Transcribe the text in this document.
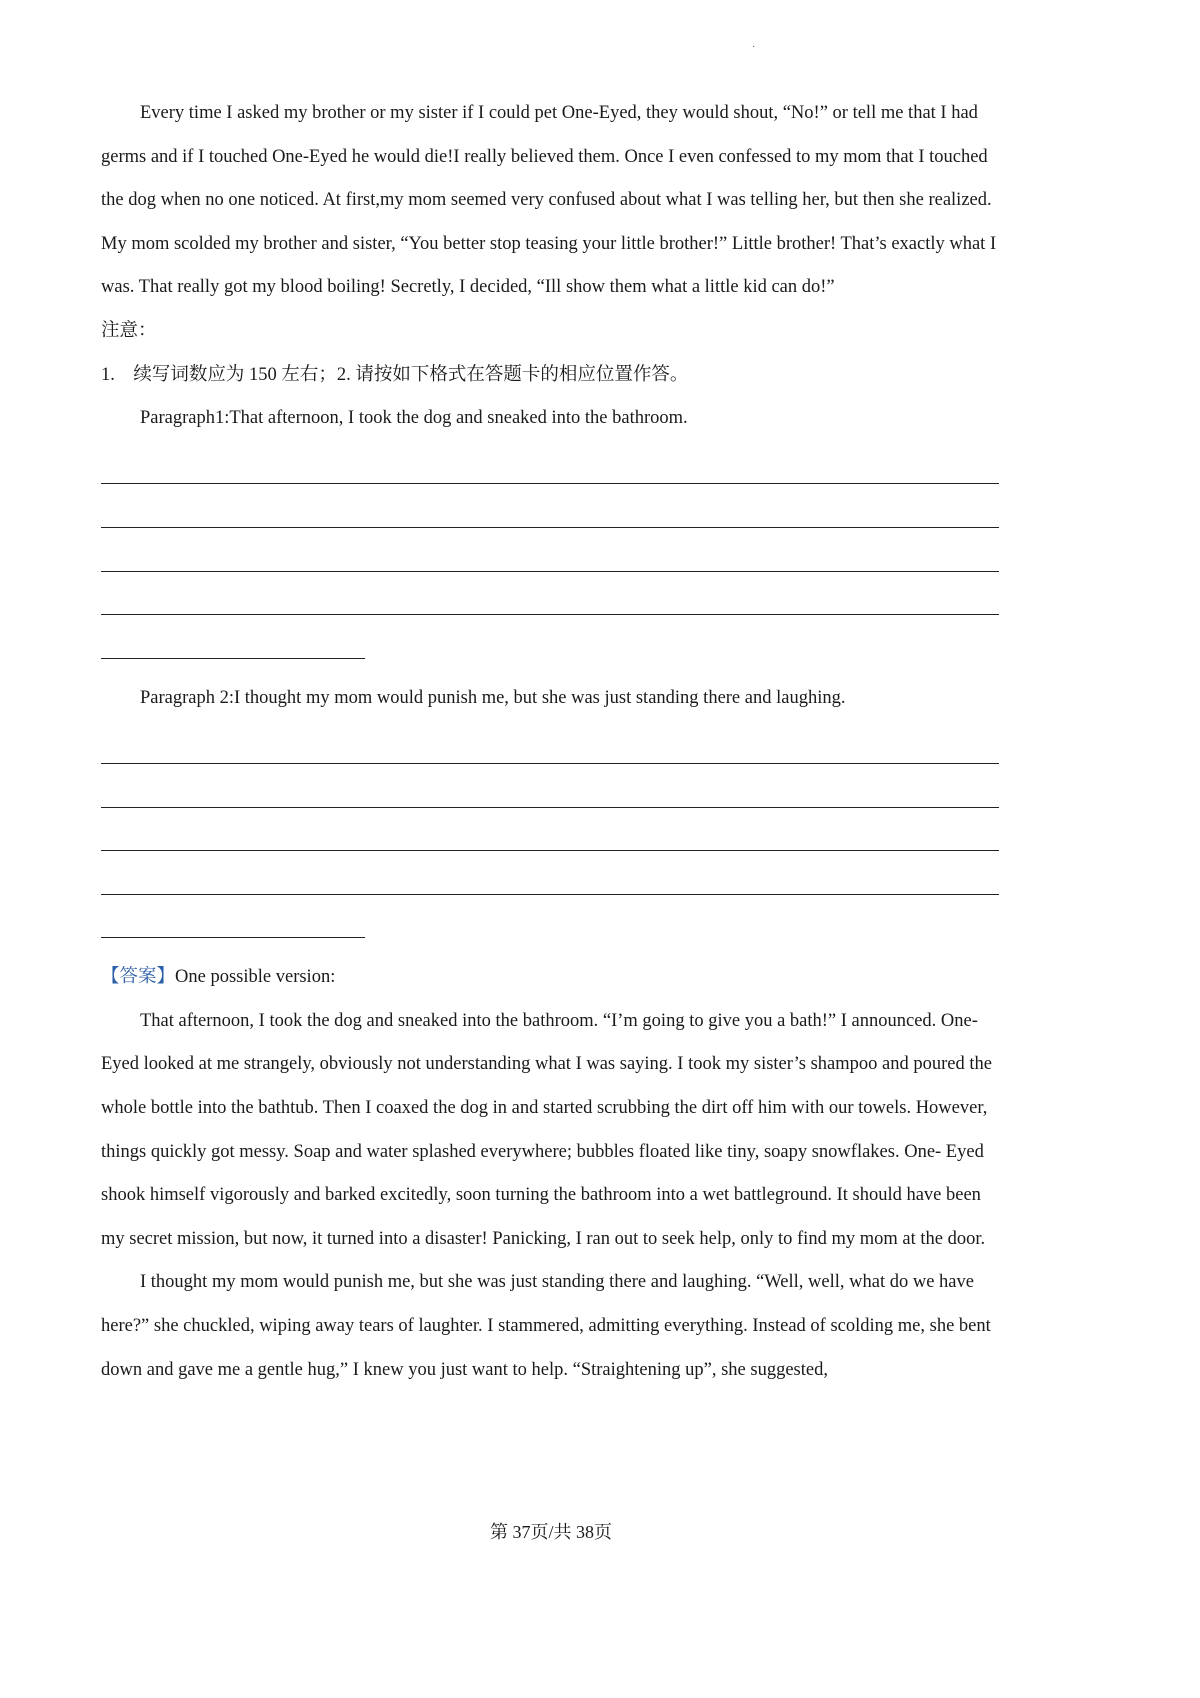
·

Every time I asked my brother or my sister if I could pet One-Eyed, they would shout, “No!” or tell me that I had germs and if I touched One-Eyed he would die!I really believed them. Once I even confessed to my mom that I touched the dog when no one noticed. At first,my mom seemed very confused about what I was telling her, but then she realized. My mom scolded my brother and sister, “You better stop teasing your little brother!” Little brother! That’s exactly what I was. That really got my blood boiling! Secretly, I decided, “Ill show them what a little kid can do!”

注意：

1.　续写词数应为 150 左右；2. 请按如下格式在答题卡的相应位置作答。

Paragraph1:That afternoon, I took the dog and sneaked into the bathroom.

Paragraph 2:I thought my mom would punish me, but she was just standing there and laughing.

【答案】One possible version:

That afternoon, I took the dog and sneaked into the bathroom. “I’m going to give you a bath!” I announced. One-Eyed looked at me strangely, obviously not understanding what I was saying. I took my sister’s shampoo and poured the whole bottle into the bathtub. Then I coaxed the dog in and started scrubbing the dirt off him with our towels. However, things quickly got messy. Soap and water splashed everywhere; bubbles floated like tiny, soapy snowflakes. One- Eyed shook himself vigorously and barked excitedly, soon turning the bathroom into a wet battleground. It should have been my secret mission, but now, it turned into a disaster! Panicking, I ran out to seek help, only to find my mom at the door.

I thought my mom would punish me, but she was just standing there and laughing. “Well, well, what do we have here?” she chuckled, wiping away tears of laughter. I stammered, admitting everything. Instead of scolding me, she bent down and gave me a gentle hug,” I knew you just want to help. “Straightening up”, she suggested,

第 37页/共 38页
